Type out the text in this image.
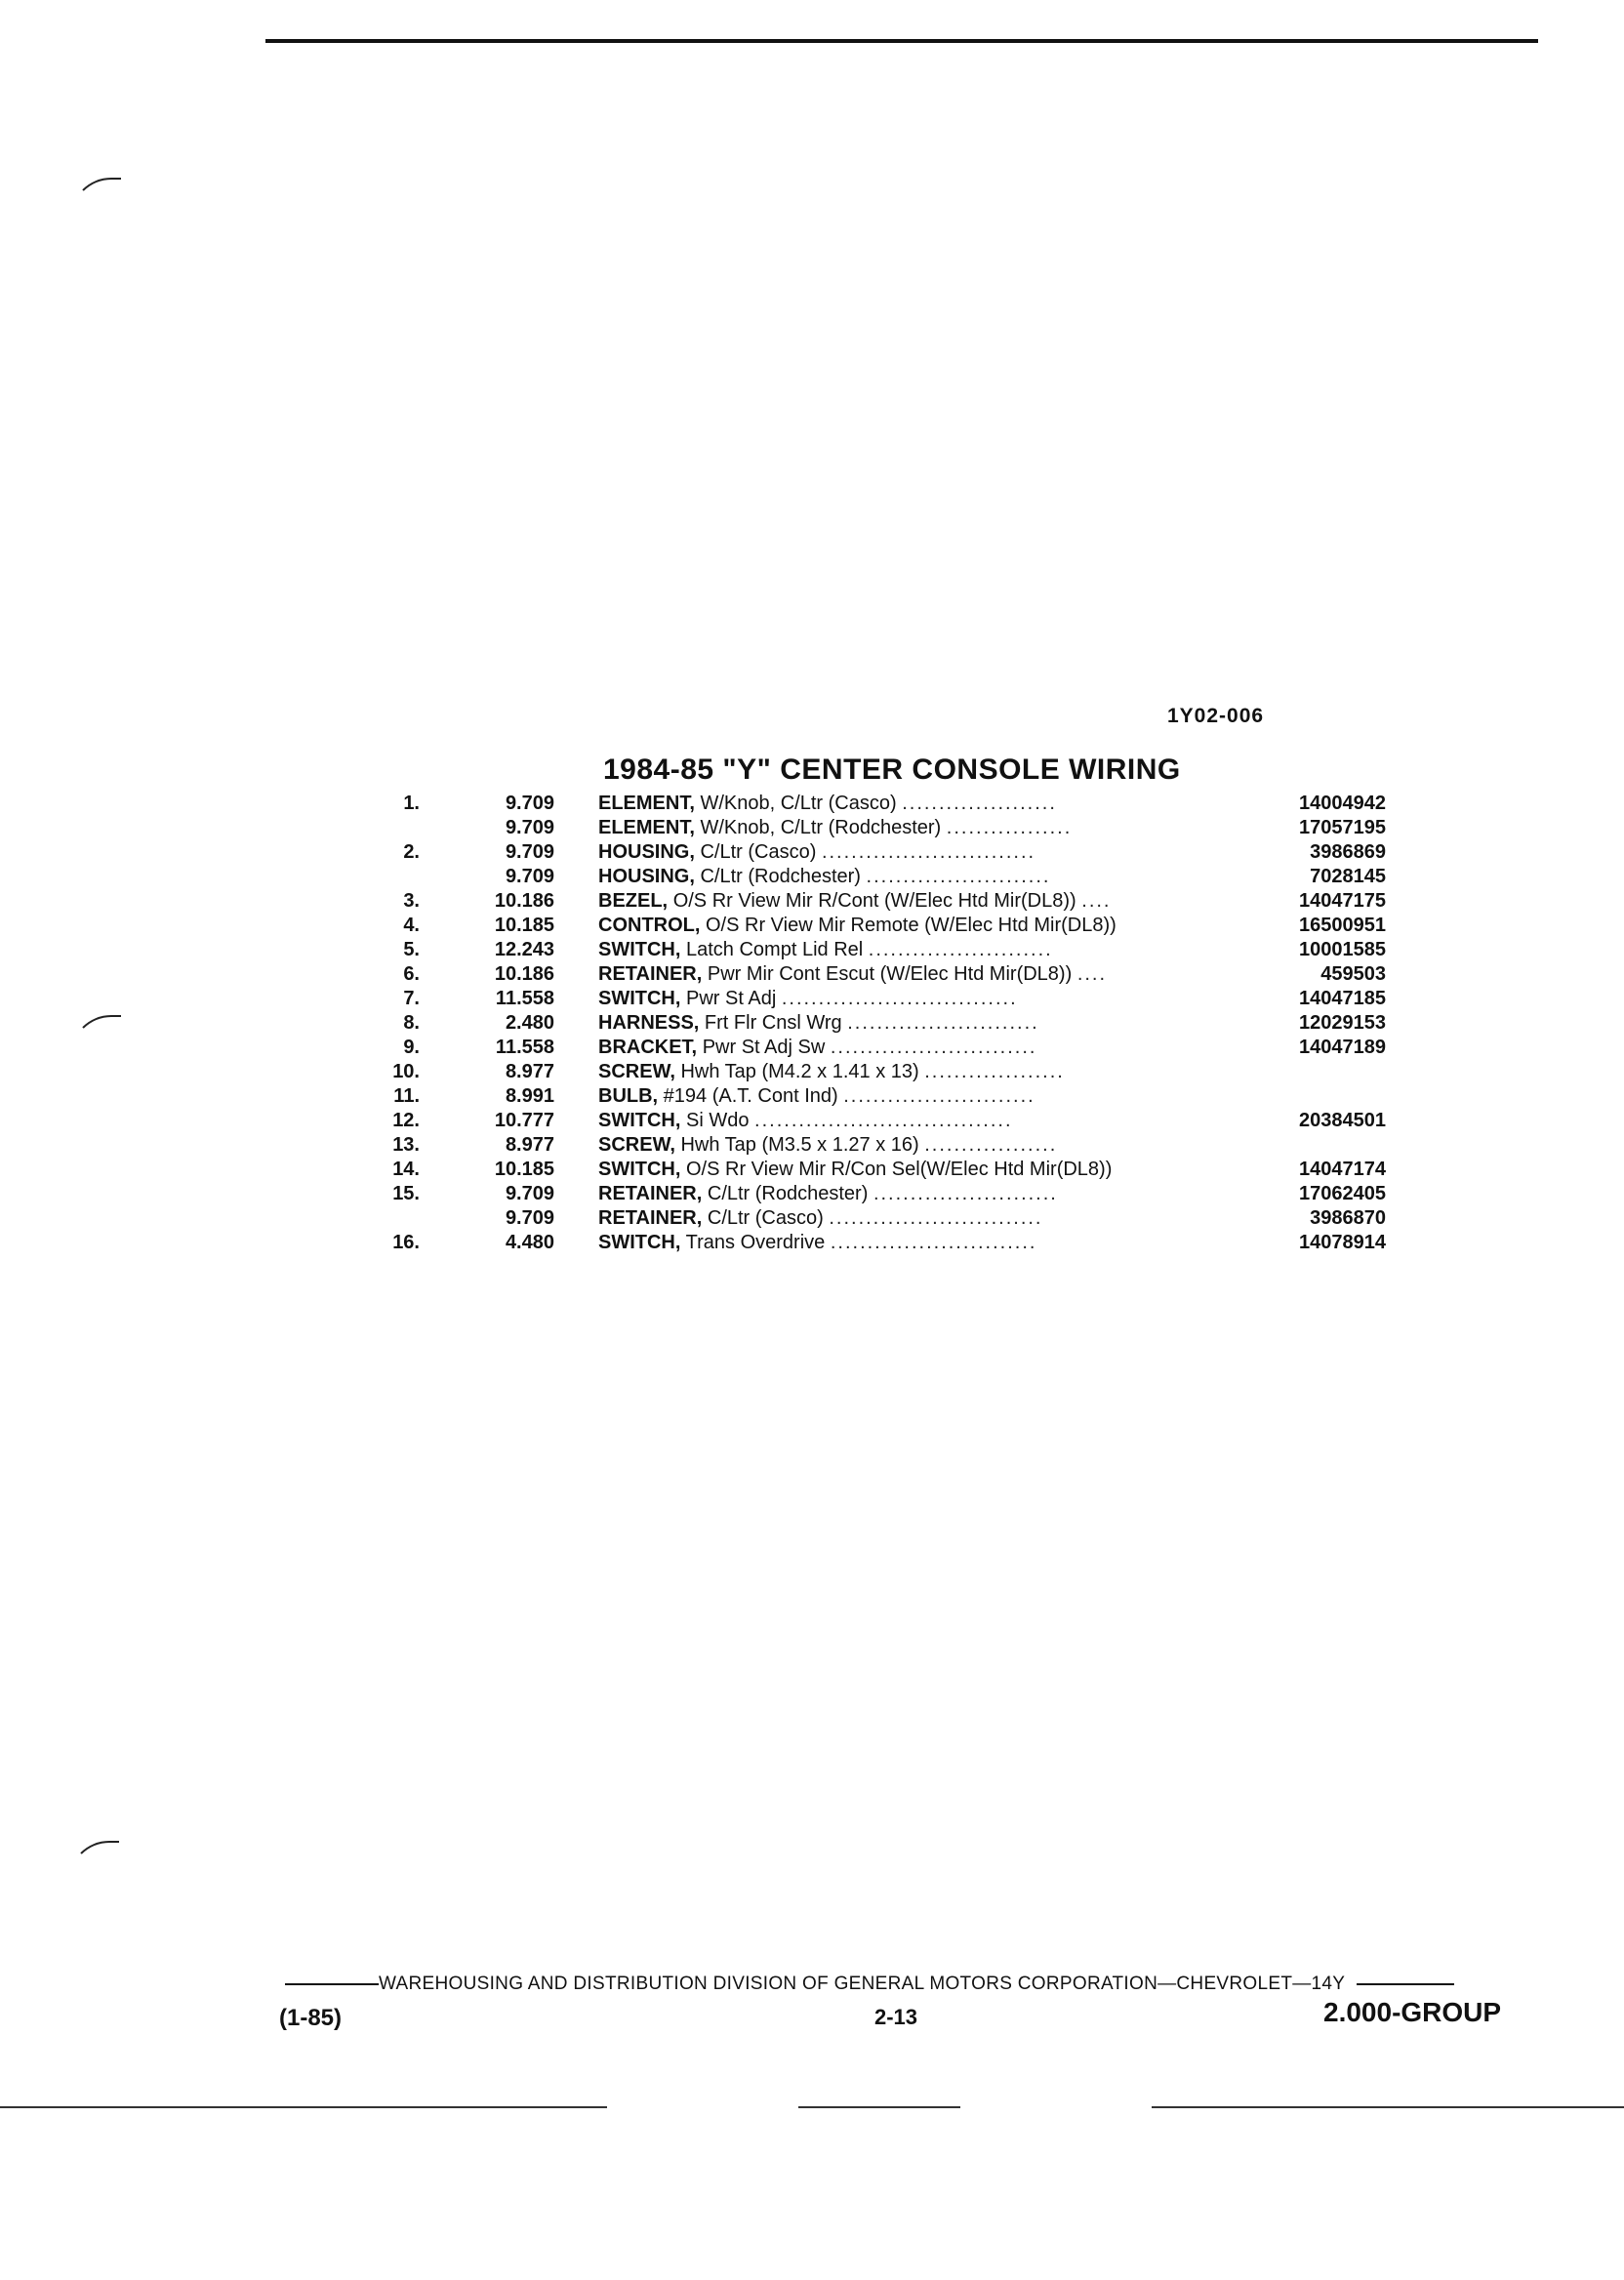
1Y02-006
1984-85 "Y" CENTER CONSOLE WIRING
1.	9.709 ELEMENT, W/Knob, C/Ltr (Casco) .....................	14004942
9.709 ELEMENT, W/Knob, C/Ltr (Rodchester) .................	17057195
2.	9.709 HOUSING, C/Ltr (Casco) .............................	3986869
9.709 HOUSING, C/Ltr (Rodchester) .........................	7028145
3.	10.186 BEZEL, O/S Rr View Mir R/Cont (W/Elec Htd Mir(DL8)) ....	14047175
4.	10.185 CONTROL, O/S Rr View Mir Remote (W/Elec Htd Mir(DL8))	16500951
5.	12.243 SWITCH, Latch Compt Lid Rel .........................	10001585
6.	10.186 RETAINER, Pwr Mir Cont Escut (W/Elec Htd Mir(DL8)) ....	459503
7.	11.558 SWITCH, Pwr St Adj ................................	14047185
8.	2.480 HARNESS, Frt Flr Cnsl Wrg ..........................	12029153
9.	11.558 BRACKET, Pwr St Adj Sw ............................	14047189
10.	8.977 SCREW, Hwh Tap (M4.2 x 1.41 x 13) ...................
11.	8.991 BULB, #194 (A.T. Cont Ind) ..........................
12.	10.777 SWITCH, Si Wdo ...................................	20384501
13.	8.977 SCREW, Hwh Tap (M3.5 x 1.27 x 16) ..................
14.	10.185 SWITCH, O/S Rr View Mir R/Con Sel(W/Elec Htd Mir(DL8))	14047174
15.	9.709 RETAINER, C/Ltr (Rodchester) .........................	17062405
9.709 RETAINER, C/Ltr (Casco) .............................	3986870
16.	4.480 SWITCH, Trans Overdrive ............................	14078914
WAREHOUSING AND DISTRIBUTION DIVISION OF GENERAL MOTORS CORPORATION—CHEVROLET—14Y
(1-85)	2-13	2.000-GROUP
